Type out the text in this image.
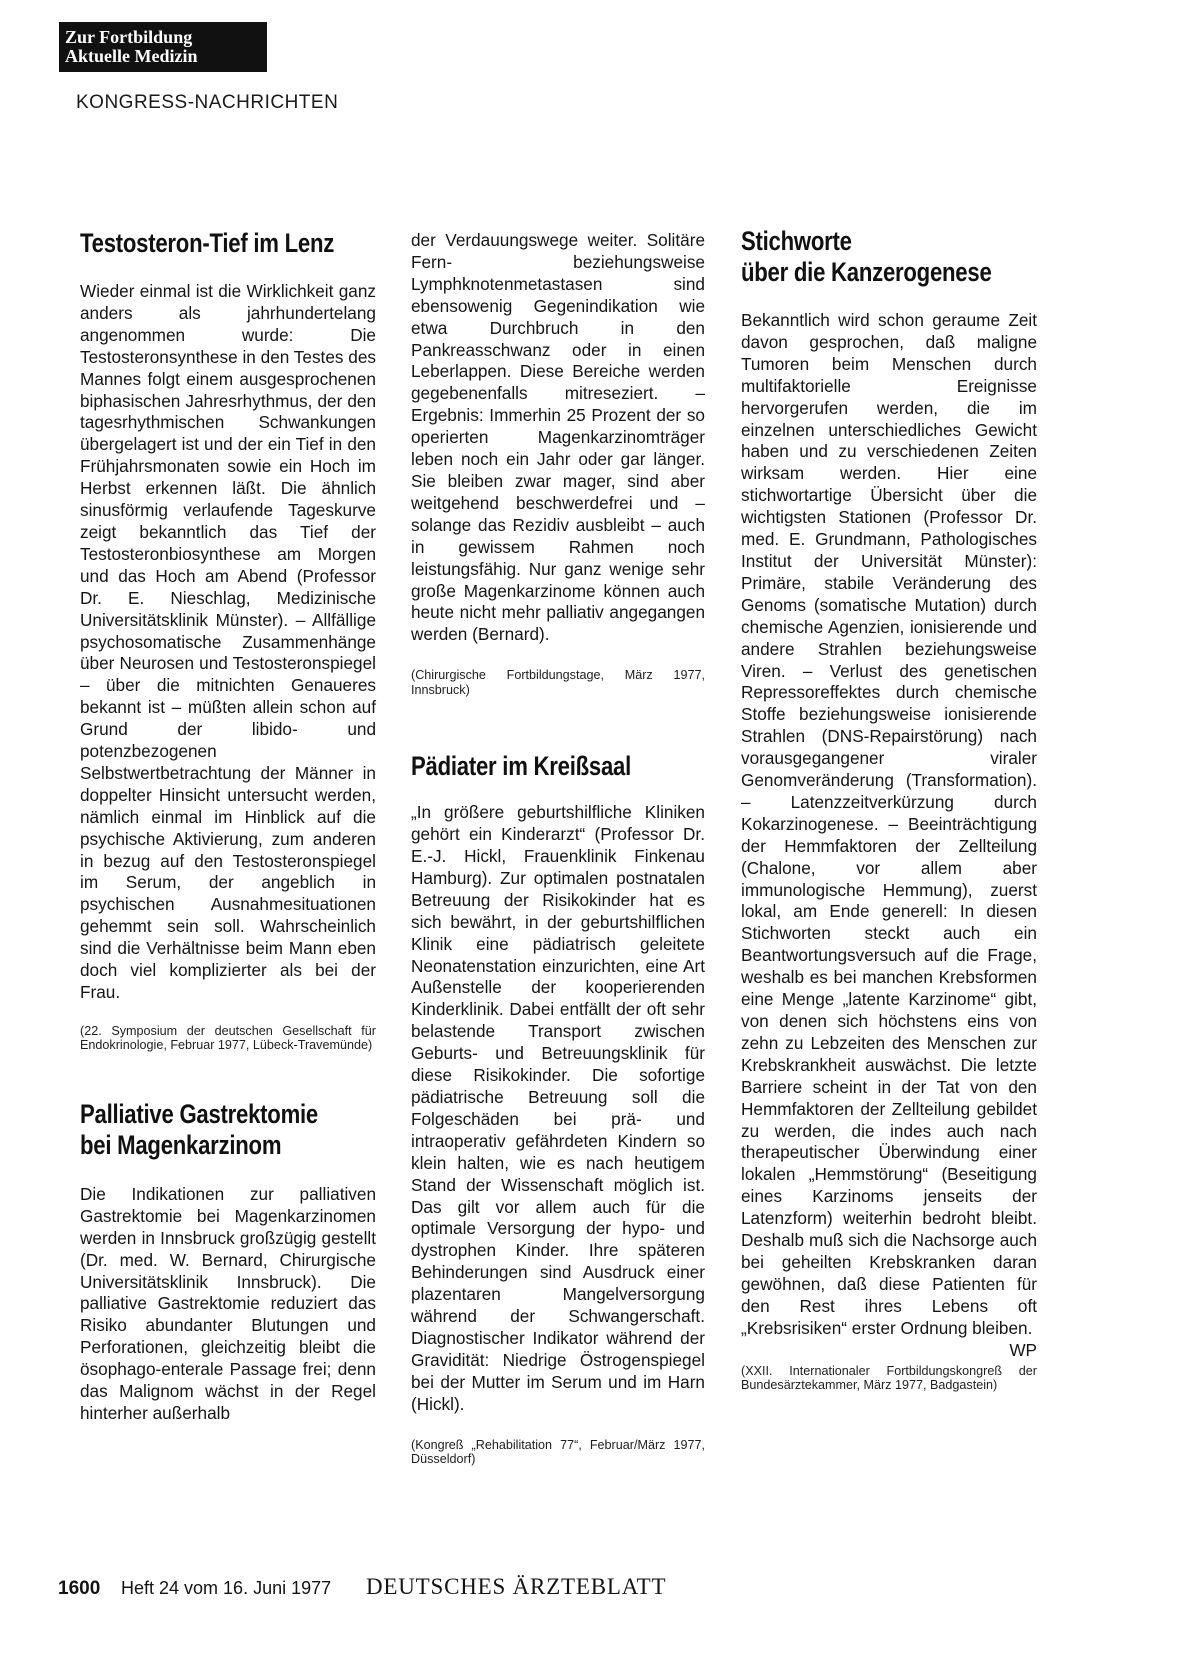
Zur Fortbildung
Aktuelle Medizin
KONGRESS-NACHRICHTEN
Testosteron-Tief im Lenz

Wieder einmal ist die Wirklichkeit ganz anders als jahrhundertelang angenommen wurde: Die Testosteronsynthese in den Testes des Mannes folgt einem ausgesprochenen biphasischen Jahresrhythmus, der den tagesrhythmischen Schwankungen übergelagert ist und der ein Tief in den Frühjahrsmonaten sowie ein Hoch im Herbst erkennen läßt. Die ähnlich sinusförmig verlaufende Tageskurve zeigt bekanntlich das Tief der Testosteronbiosynthese am Morgen und das Hoch am Abend (Professor Dr. E. Nieschlag, Medizinische Universitätsklinik Münster). – Allfällige psychosomatische Zusammenhänge über Neurosen und Testosteronspiegel – über die mitnichten Genaueres bekannt ist – müßten allein schon auf Grund der libido- und potenzbezogenen Selbstwertbetrachtung der Männer in doppelter Hinsicht untersucht werden, nämlich einmal im Hinblick auf die psychische Aktivierung, zum anderen in bezug auf den Testosteronspiegel im Serum, der angeblich in psychischen Ausnahmesituationen gehemmt sein soll. Wahrscheinlich sind die Verhältnisse beim Mann eben doch viel komplizierter als bei der Frau.

(22. Symposium der deutschen Gesellschaft für Endokrinologie, Februar 1977, Lübeck-Travemünde)

Palliative Gastrektomie
bei Magenkarzinom

Die Indikationen zur palliativen Gastrektomie bei Magenkarzinomen werden in Innsbruck großzügig gestellt (Dr. med. W. Bernard, Chirurgische Universitätsklinik Innsbruck). Die palliative Gastrektomie reduziert das Risiko abundanter Blutungen und Perforationen, gleichzeitig bleibt die ösophago-enterale Passage frei; denn das Malignom wächst in der Regel hinterher außerhalb

der Verdauungswege weiter. Solitäre Fern- beziehungsweise Lymphknotenmetastasen sind ebensowenig Gegenindikation wie etwa Durchbruch in den Pankreasschwanz oder in einen Leberlappen. Diese Bereiche werden gegebenenfalls mitreseziert. – Ergebnis: Immerhin 25 Prozent der so operierten Magenkarzinomträger leben noch ein Jahr oder gar länger. Sie bleiben zwar mager, sind aber weitgehend beschwerdefrei und – solange das Rezidiv ausbleibt – auch in gewissem Rahmen noch leistungsfähig. Nur ganz wenige sehr große Magenkarzinome können auch heute nicht mehr palliativ angegangen werden (Bernard).

(Chirurgische Fortbildungstage, März 1977, Innsbruck)

Pädiater im Kreißsaal

„In größere geburtshilfliche Kliniken gehört ein Kinderarzt“ (Professor Dr. E.-J. Hickl, Frauenklinik Finkenau Hamburg). Zur optimalen postnatalen Betreuung der Risikokinder hat es sich bewährt, in der geburtshilflichen Klinik eine pädiatrisch geleitete Neonatenstation einzurichten, eine Art Außenstelle der kooperierenden Kinderklinik. Dabei entfällt der oft sehr belastende Transport zwischen Geburts- und Betreuungsklinik für diese Risikokinder. Die sofortige pädiatrische Betreuung soll die Folgeschäden bei prä- und intraoperativ gefährdeten Kindern so klein halten, wie es nach heutigem Stand der Wissenschaft möglich ist. Das gilt vor allem auch für die optimale Versorgung der hypo- und dystrophen Kinder. Ihre späteren Behinderungen sind Ausdruck einer plazentaren Mangelversorgung während der Schwangerschaft. Diagnostischer Indikator während der Gravidität: Niedrige Östrogenspiegel bei der Mutter im Serum und im Harn (Hickl).

(Kongreß „Rehabilitation 77“, Februar/März 1977, Düsseldorf)

Stichworte
über die Kanzerogenese

Bekanntlich wird schon geraume Zeit davon gesprochen, daß maligne Tumoren beim Menschen durch multifaktorielle Ereignisse hervorgerufen werden, die im einzelnen unterschiedliches Gewicht haben und zu verschiedenen Zeiten wirksam werden. Hier eine stichwortartige Übersicht über die wichtigsten Stationen (Professor Dr. med. E. Grundmann, Pathologisches Institut der Universität Münster): Primäre, stabile Veränderung des Genoms (somatische Mutation) durch chemische Agenzien, ionisierende und andere Strahlen beziehungsweise Viren. – Verlust des genetischen Repressoreffektes durch chemische Stoffe beziehungsweise ionisierende Strahlen (DNS-Repairstörung) nach vorausgegangener viraler Genomveränderung (Transformation). – Latenzzeitverkürzung durch Kokarzinogenese. – Beeinträchtigung der Hemmfaktoren der Zellteilung (Chalone, vor allem aber immunologische Hemmung), zuerst lokal, am Ende generell: In diesen Stichworten steckt auch ein Beantwortungsversuch auf die Frage, weshalb es bei manchen Krebsformen eine Menge „latente Karzinome“ gibt, von denen sich höchstens eins von zehn zu Lebzeiten des Menschen zur Krebskrankheit auswächst. Die letzte Barriere scheint in der Tat von den Hemmfaktoren der Zellteilung gebildet zu werden, die indes auch nach therapeutischer Überwindung einer lokalen „Hemmstörung“ (Beseitigung eines Karzinoms jenseits der Latenzform) weiterhin bedroht bleibt. Deshalb muß sich die Nachsorge auch bei geheilten Krebskranken daran gewöhnen, daß diese Patienten für den Rest ihres Lebens oft „Krebsrisiken“ erster Ordnung bleiben.
WP

(XXII. Internationaler Fortbildungskongreß der Bundesärztekammer, März 1977, Badgastein)

1600 Heft 24 vom 16. Juni 1977 DEUTSCHES ÄRZTEBLATT
